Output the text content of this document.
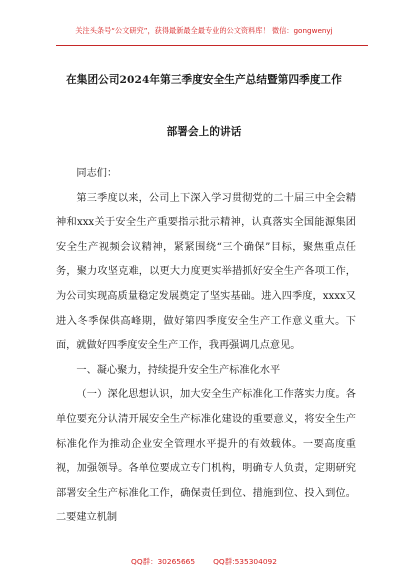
关注头条号“公文研究”，获得最新最全最专业的公文资料库！ 微信：gongwenyj
在集团公司2024年第三季度安全生产总结暨第四季度工作
部署会上的讲话

同志们：

第三季度以来，公司上下深入学习贯彻党的二十届三中全会精神和xxx关于安全生产重要指示批示精神，认真落实全国能源集团安全生产视频会议精神，紧紧围绕“三个确保”目标，聚焦重点任务，聚力攻坚克难，以更大力度更实举措抓好安全生产各项工作，为公司实现高质量稳定发展奠定了坚实基础。进入四季度，xxxx又进入冬季保供高峰期，做好第四季度安全生产工作意义重大。下面，就做好四季度安全生产工作，我再强调几点意见。

一、凝心聚力，持续提升安全生产标准化水平

（一）深化思想认识，加大安全生产标准化工作落实力度。各单位要充分认清开展安全生产标准化建设的重要意义，将安全生产标准化作为推动企业安全管理水平提升的有效载体。一要高度重视，加强领导。各单位要成立专门机构，明确专人负责，定期研究部署安全生产标准化工作，确保责任到位、措施到位、投入到位。二要建立机制

QQ群：30265665 QQ群:535304092
